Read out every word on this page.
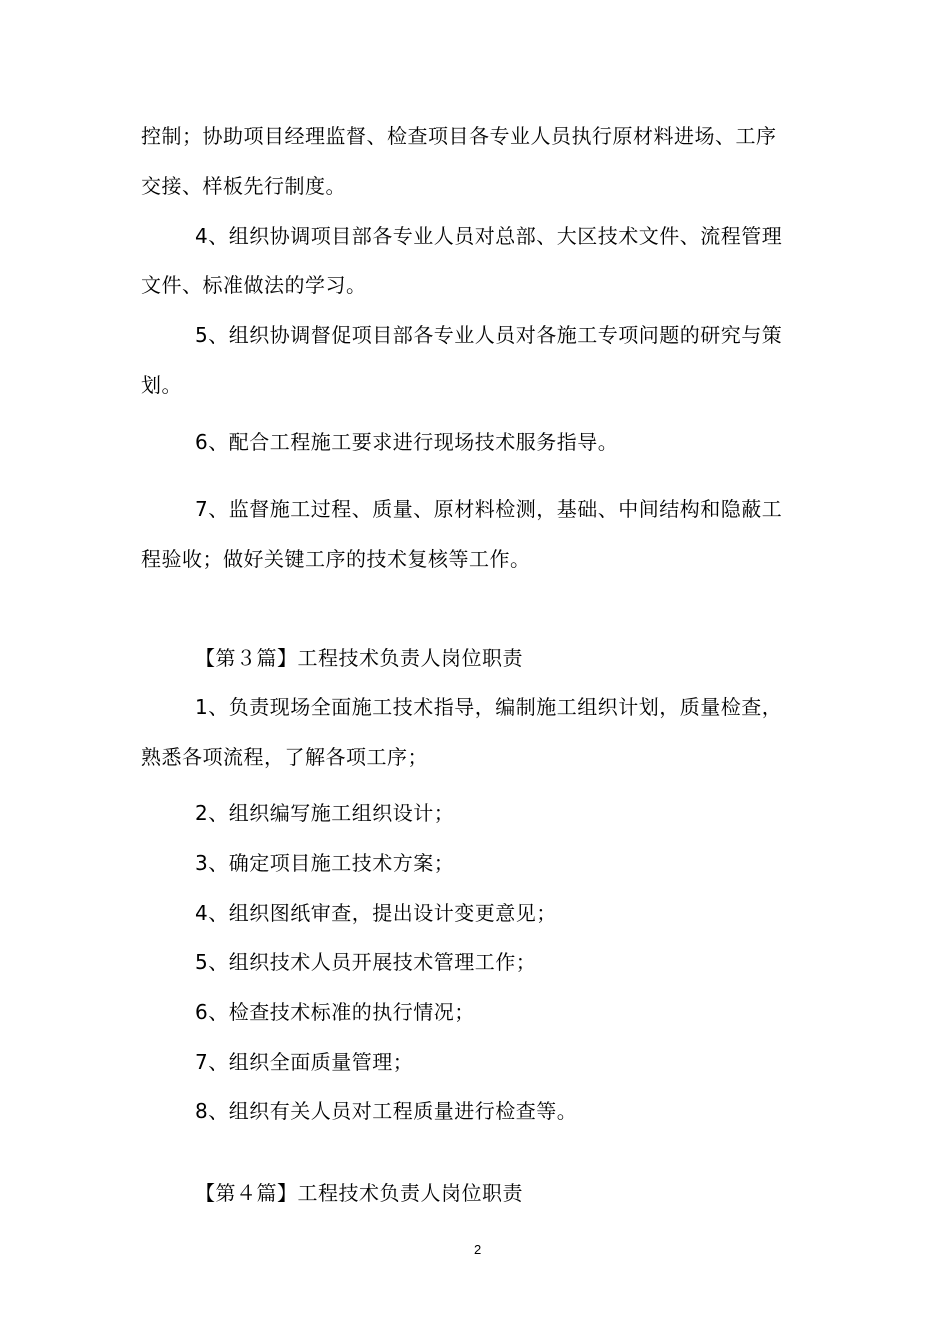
控制；协助项目经理监督、检查项目各专业人员执行原材料进场、工序
交接、样板先行制度。
4、组织协调项目部各专业人员对总部、大区技术文件、流程管理
文件、标准做法的学习。
5、组织协调督促项目部各专业人员对各施工专项问题的研究与策
划。
6、配合工程施工要求进行现场技术服务指导。
7、监督施工过程、质量、原材料检测，基础、中间结构和隐蔽工
程验收；做好关键工序的技术复核等工作。
【第３篇】工程技术负责人岗位职责
1、负责现场全面施工技术指导，编制施工组织计划，质量检查，
熟悉各项流程，了解各项工序；
2、组织编写施工组织设计；
3、确定项目施工技术方案；
4、组织图纸审查，提出设计变更意见；
5、组织技术人员开展技术管理工作；
6、检查技术标准的执行情况；
7、组织全面质量管理；
8、组织有关人员对工程质量进行检查等。
【第４篇】工程技术负责人岗位职责
2
